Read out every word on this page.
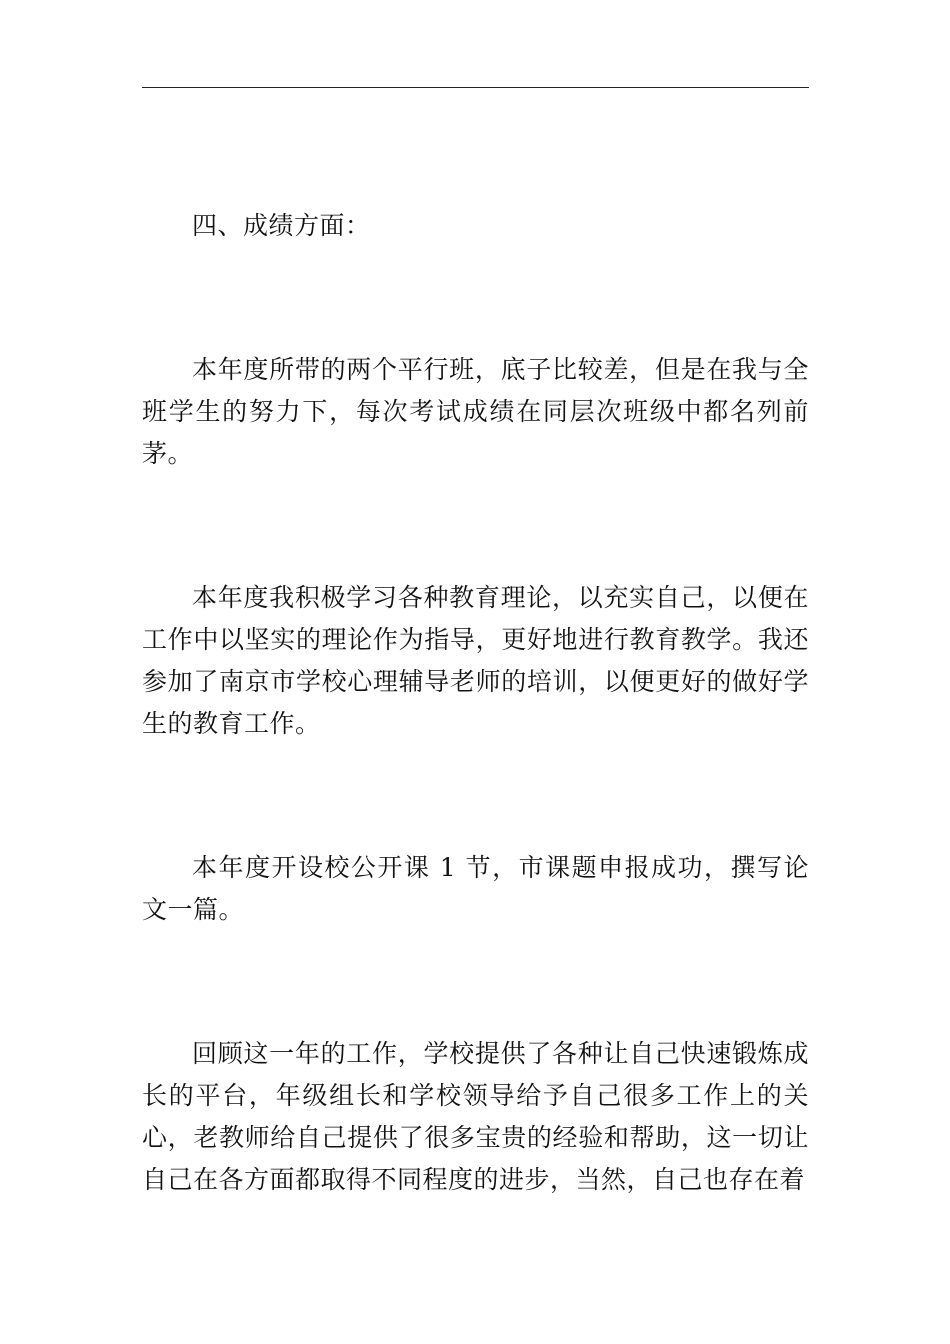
四、成绩方面：

本年度所带的两个平行班，底子比较差，但是在我与全班学生的努力下，每次考试成绩在同层次班级中都名列前茅。

本年度我积极学习各种教育理论，以充实自己，以便在工作中以坚实的理论作为指导，更好地进行教育教学。我还参加了南京市学校心理辅导老师的培训，以便更好的做好学生的教育工作。

本年度开设校公开课 1 节，市课题申报成功，撰写论文一篇。

回顾这一年的工作，学校提供了各种让自己快速锻炼成长的平台，年级组长和学校领导给予自己很多工作上的关心，老教师给自己提供了很多宝贵的经验和帮助，这一切让自己在各方面都取得不同程度的进步，当然，自己也存在着
